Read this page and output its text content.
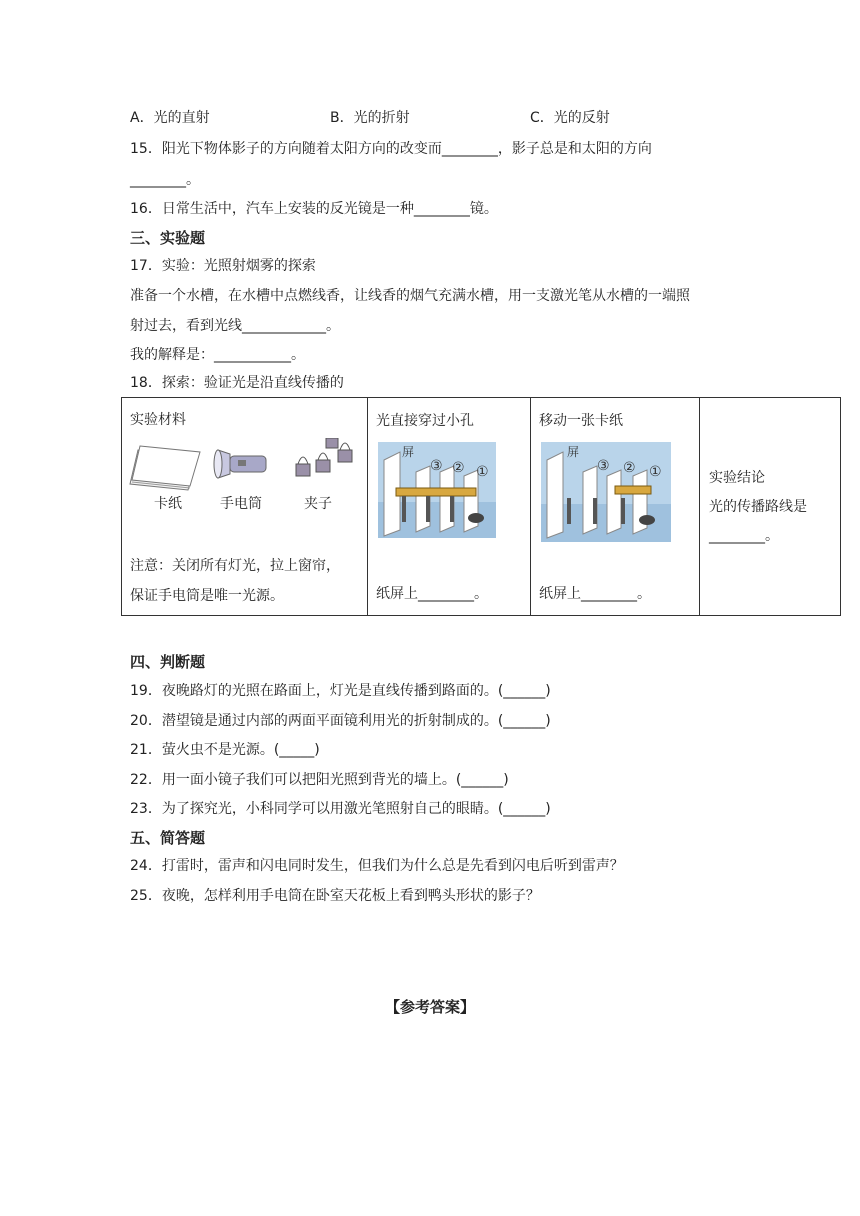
A．光的直射	B．光的折射	C．光的反射
15．阳光下物体影子的方向随着太阳方向的改变而________，影子总是和太阳的方向
________。
16．日常生活中，汽车上安装的反光镜是一种________镜。
三、实验题
17．实验：光照射烟雾的探索
准备一个水槽，在水槽中点燃线香，让线香的烟气充满水槽，用一支激光笔从水槽的一端照
射过去，看到光线____________。
我的解释是：___________。
18．探索：验证光是沿直线传播的
实验材料
卡纸	手电筒	夹子
注意：关闭所有灯光，拉上窗帘，
保证手电筒是唯一光源。

光直接穿过小孔
屏
③ ② ①
纸屏上________。

移动一张卡纸
屏
③ ② ①
纸屏上________。

实验结论
光的传播路线是
________。
四、判断题
19．夜晚路灯的光照在路面上，灯光是直线传播到路面的。(______)
20．潜望镜是通过内部的两面平面镜利用光的折射制成的。(______)
21．萤火虫不是光源。(_____)
22．用一面小镜子我们可以把阳光照到背光的墙上。(______)
23．为了探究光，小科同学可以用激光笔照射自己的眼睛。(______)
五、简答题
24．打雷时，雷声和闪电同时发生，但我们为什么总是先看到闪电后听到雷声？
25．夜晚，怎样利用手电筒在卧室天花板上看到鸭头形状的影子？
【参考答案】
